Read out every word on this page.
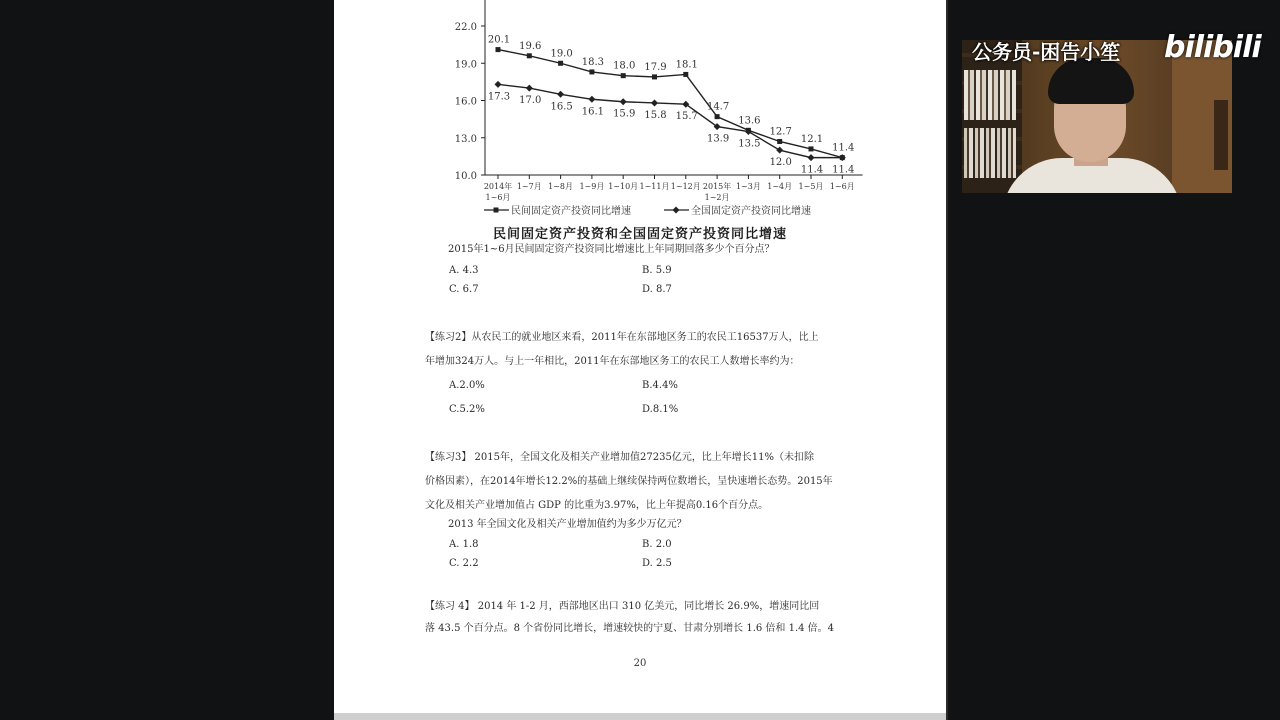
22.0
19.0
16.0
13.0
10.0
2014年
1~6月
1~7月 1~8月 1~9月 1~10月 1~11月 1~12月 2015年
1~2月
1~3月 1~4月 1~5月 1~6月
20.1
19.6
19.0
18.3 18.0 17.9 18.1
14.7
13.6
12.7
12.1
11.4
17.3 17.0
16.5 16.1 15.9 15.8 15.7
13.9 13.5
12.0
11.4 11.4
民间固定资产投资同比增速	全国固定资产投资同比增速
民间固定资产投资和全国固定资产投资同比增速
2015年1~6月民间固定资产投资同比增速比上年同期回落多少个百分点？
A. 4.3	B. 5.9
C. 6.7	D. 8.7
【练习2】从农民工的就业地区来看，2011年在东部地区务工的农民工16537万人，比上
年增加324万人。与上一年相比，2011年在东部地区务工的农民工人数增长率约为：
A.2.0%	B.4.4%
C.5.2%	D.8.1%
【练习3】 2015年，全国文化及相关产业增加值27235亿元，比上年增长11%（未扣除
价格因素），在2014年增长12.2%的基础上继续保持两位数增长，呈快速增长态势。2015年
文化及相关产业增加值占 GDP 的比重为3.97%，比上年提高0.16个百分点。
2013 年全国文化及相关产业增加值约为多少万亿元？
A. 1.8	B. 2.0
C. 2.2	D. 2.5
【练习 4】 2014 年 1-2 月，西部地区出口 310 亿美元，同比增长 26.9%，增速同比回
落 43.5 个百分点。8 个省份同比增长，增速较快的宁夏、甘肃分别增长 1.6 倍和 1.4 倍。4
20
公务员-困告小笙 bilibili
